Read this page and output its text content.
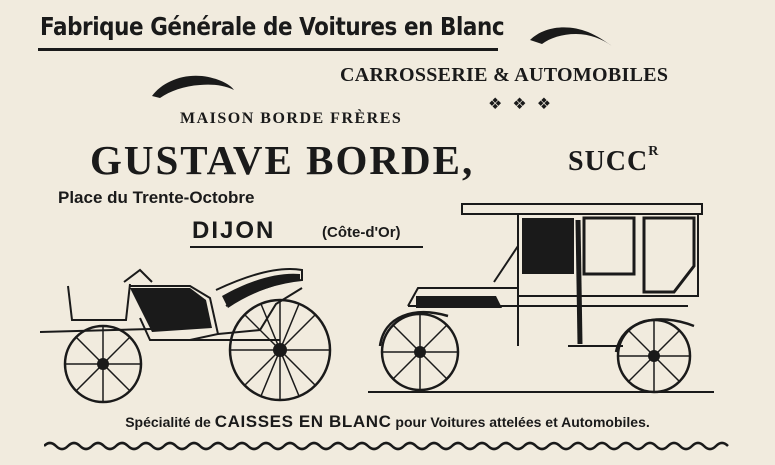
Fabrique Générale de Voitures en Blanc
CARROSSERIE & AUTOMOBILES
❖❖❖
MAISON BORDE FRÈRES
GUSTAVE BORDE,	$SUCC^R$
Place du Trente-Octobre
DIJON	(Côte-d'Or)
Spécialité de CAISSES EN BLANC pour Voitures attelées et Automobiles.
